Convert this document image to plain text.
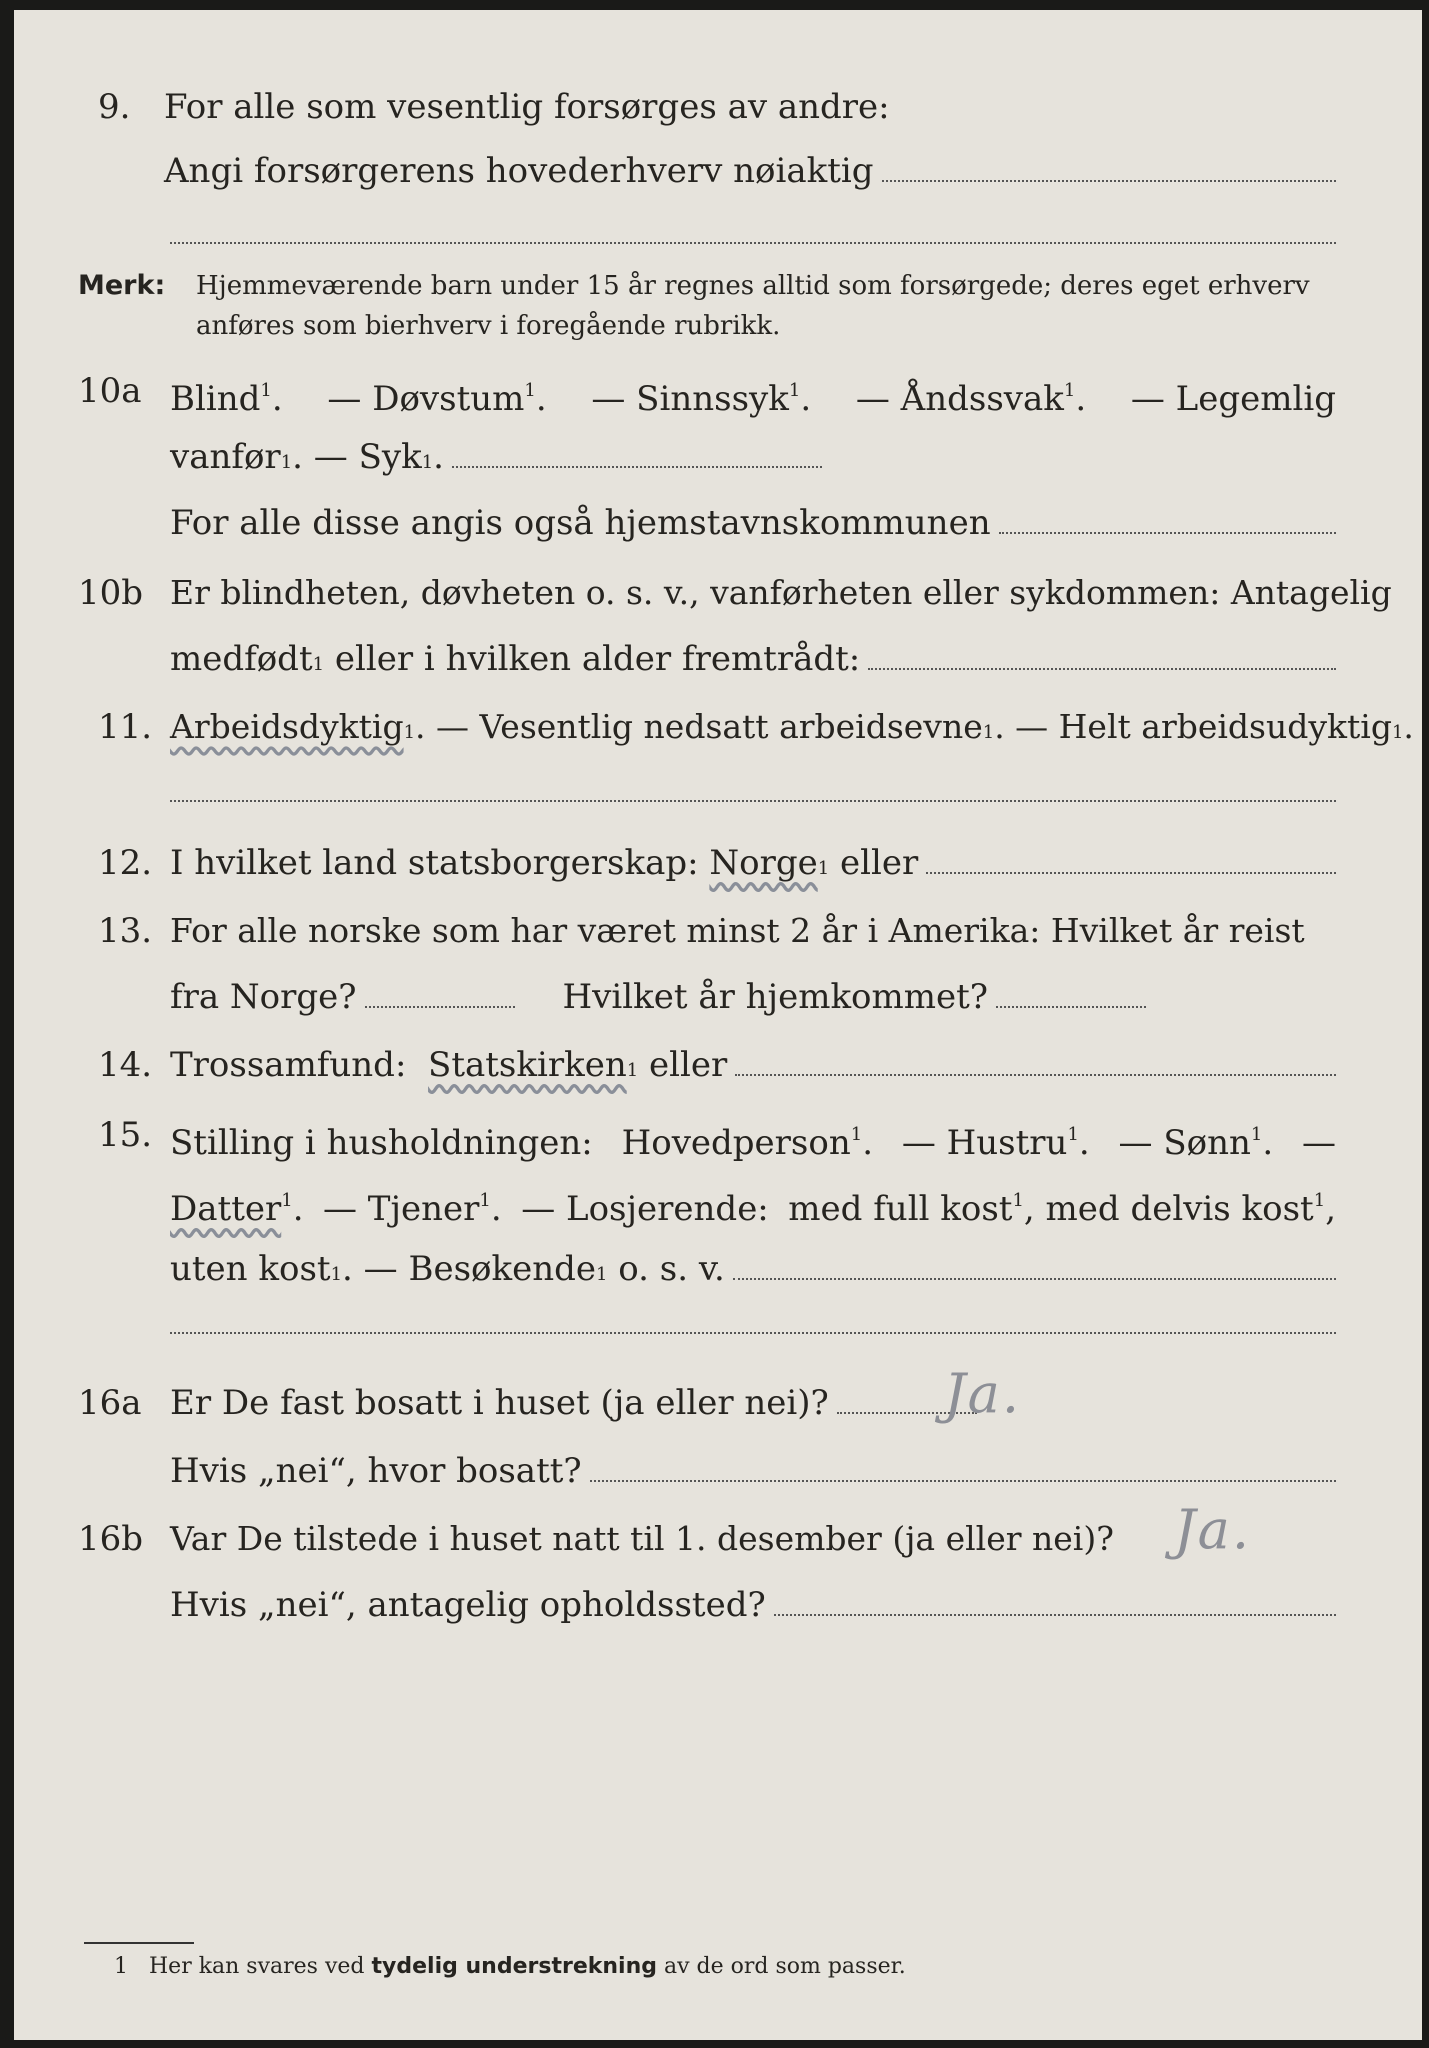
9. For alle som vesentlig forsørges av andre:
Angi forsørgerens hovederhverv nøiaktig
Merk: Hjemmeværende barn under 15 år regnes alltid som forsørgede; deres eget erhverv
anføres som bierhverv i foregående rubrikk.
10a Blind$^1$. — Døvstum$^1$. — Sinnssyk$^1$. — Åndssvak$^1$. — Legemlig
vanfør 1 . — Syk 1 .
For alle disse angis også hjemstavnskommunen
10b Er blindheten, døvheten o. s. v., vanførheten eller sykdommen: Antagelig
medfødt 1
eller i hvilken alder fremtrådt:
11. Arbeidsdyktig 1 . — Vesentlig nedsatt arbeidsevne 1 . — Helt arbeidsudyktig 1 .
12. I hvilket land statsborgerskap:
Norge 1
eller
13. For alle norske som har været minst 2 år i Amerika: Hvilket år reist
fra Norge?	Hvilket år hjemkommet?
14. Trossamfund:
Statskirken 1
eller
15. Stilling i husholdningen: Hovedperson$^1$. — Hustru$^1$. — Sønn$^1$. —
Datter$^1$. — Tjener$^1$. — Losjerende: med full kost$^1$, med delvis kost$^1$,
uten kost 1 . — Besøkende 1
o. s. v.
16a Er De fast bosatt i huset (ja eller nei)? Ja.
Hvis „nei“, hvor bosatt?
16b Var De tilstede i huset natt til 1. desember (ja eller nei)? Ja.
Hvis „nei“, antagelig opholdssted?
1 Her kan svares ved tydelig understrekning av de ord som passer.
